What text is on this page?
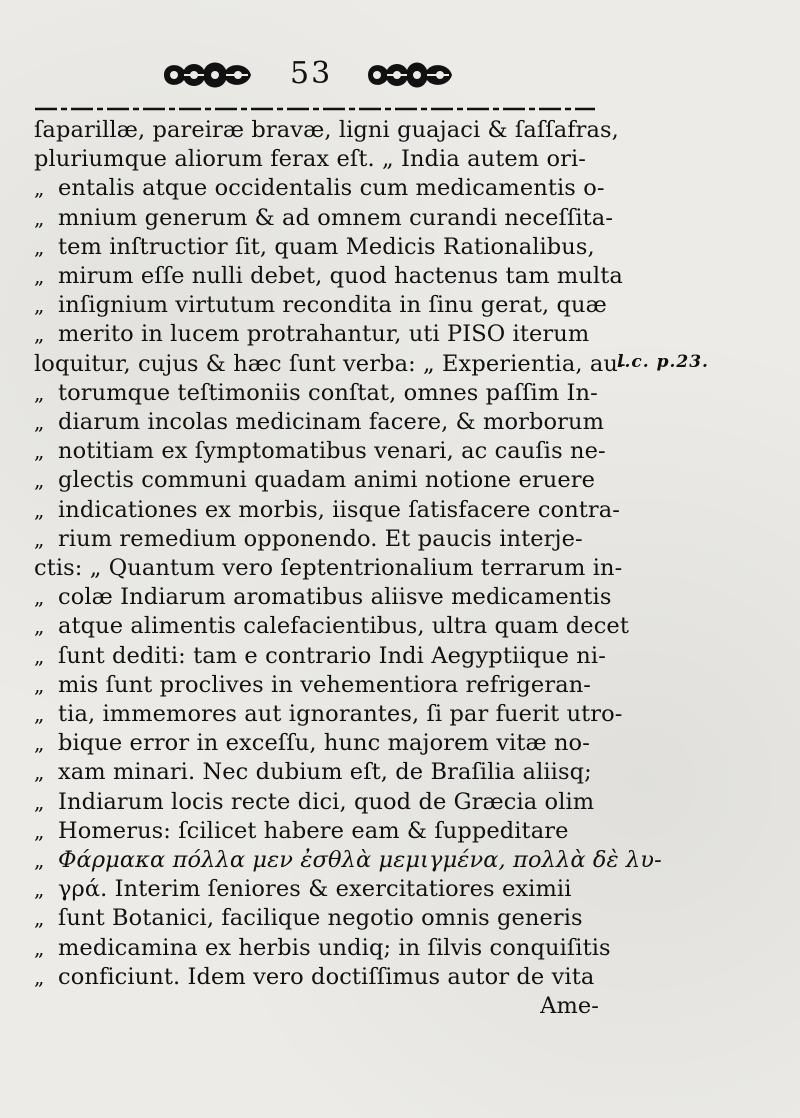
53
ſaparillæ, pareiræ bravæ, ligni guajaci & ſaſſafras,
pluriumque aliorum ferax eſt. „ India autem ori-
„ entalis atque occidentalis cum medicamentis o-
„ mnium generum & ad omnem curandi neceſſita-
„ tem inſtructior ſit, quam Medicis Rationalibus,
„ mirum eſſe nulli debet, quod hactenus tam multa
„ inſignium virtutum recondita in ſinu gerat, quæ
„ merito in lucem protrahantur, uti PISO iterum
loquitur, cujus & hæc ſunt verba: „ Experientia, au-
„ torumque teſtimoniis conſtat, omnes paſſim In-
„ diarum incolas medicinam facere, & morborum
„ notitiam ex ſymptomatibus venari, ac cauſis ne-
„ glectis communi quadam animi notione eruere
„ indicationes ex morbis, iisque ſatisfacere contra-
„ rium remedium opponendo. Et paucis interje-
ctis: „ Quantum vero ſeptentrionalium terrarum in-
„ colæ Indiarum aromatibus aliisve medicamentis
„ atque alimentis calefacientibus, ultra quam decet
„ ſunt dediti: tam e contrario Indi Aegyptiique ni-
„ mis ſunt proclives in vehementiora refrigeran-
„ tia, immemores aut ignorantes, ſi par fuerit utro-
„ bique error in exceſſu, hunc majorem vitæ no-
„ xam minari. Nec dubium eſt, de Braſilia aliisq;
„ Indiarum locis recte dici, quod de Græcia olim
„ Homerus: ſcilicet habere eam & ſuppeditare
„ Φάρμακα πόλλα μεν ἐσθλὰ μεμιγμένα, πολλὰ δὲ λυ-
„ γρά. Interim ſeniores & exercitatiores eximii
„ ſunt Botanici, facilique negotio omnis generis
„ medicamina ex herbis undiq; in ſilvis conquiſitis
„ conficiunt. Idem vero doctiſſimus autor de vita
Ame-
l.c. p.23.
